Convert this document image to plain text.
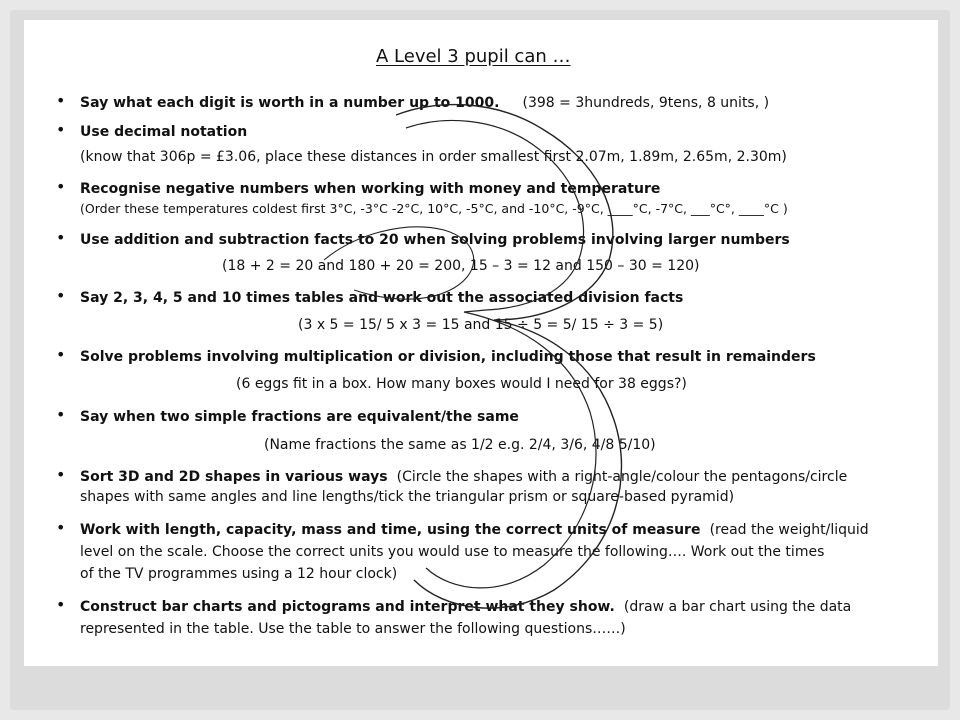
A Level 3 pupil can …
• Say what each digit is worth in a number up to 1000. (398 = 3hundreds, 9tens, 8 units, )
• Use decimal notation
(know that 306p = £3.06, place these distances in order smallest first 2.07m, 1.89m, 2.65m, 2.30m)
• Recognise negative numbers when working with money and temperature
(Order these temperatures coldest first 3°C, -3°C -2°C, 10°C, -5°C, and -10°C, -9°C, ____°C, -7°C, ___°C°, ____°C )
• Use addition and subtraction facts to 20 when solving problems involving larger numbers
(18 + 2 = 20 and 180 + 20 = 200, 15 – 3 = 12 and 150 – 30 = 120)
• Say 2, 3, 4, 5 and 10 times tables and work out the associated division facts
(3 x 5 = 15/ 5 x 3 = 15 and 15 ÷ 5 = 5/ 15 ÷ 3 = 5)
• Solve problems involving multiplication or division, including those that result in remainders
(6 eggs fit in a box. How many boxes would I need for 38 eggs?)
• Say when two simple fractions are equivalent/the same
(Name fractions the same as 1/2 e.g. 2/4, 3/6, 4/8 5/10)
• Sort 3D and 2D shapes in various ways (Circle the shapes with a right-angle/colour the pentagons/circle
shapes with same angles and line lengths/tick the triangular prism or square-based pyramid)
• Work with length, capacity, mass and time, using the correct units of measure (read the weight/liquid
level on the scale. Choose the correct units you would use to measure the following…. Work out the times
of the TV programmes using a 12 hour clock)
• Construct bar charts and pictograms and interpret what they show. (draw a bar chart using the data
represented in the table. Use the table to answer the following questions……)
